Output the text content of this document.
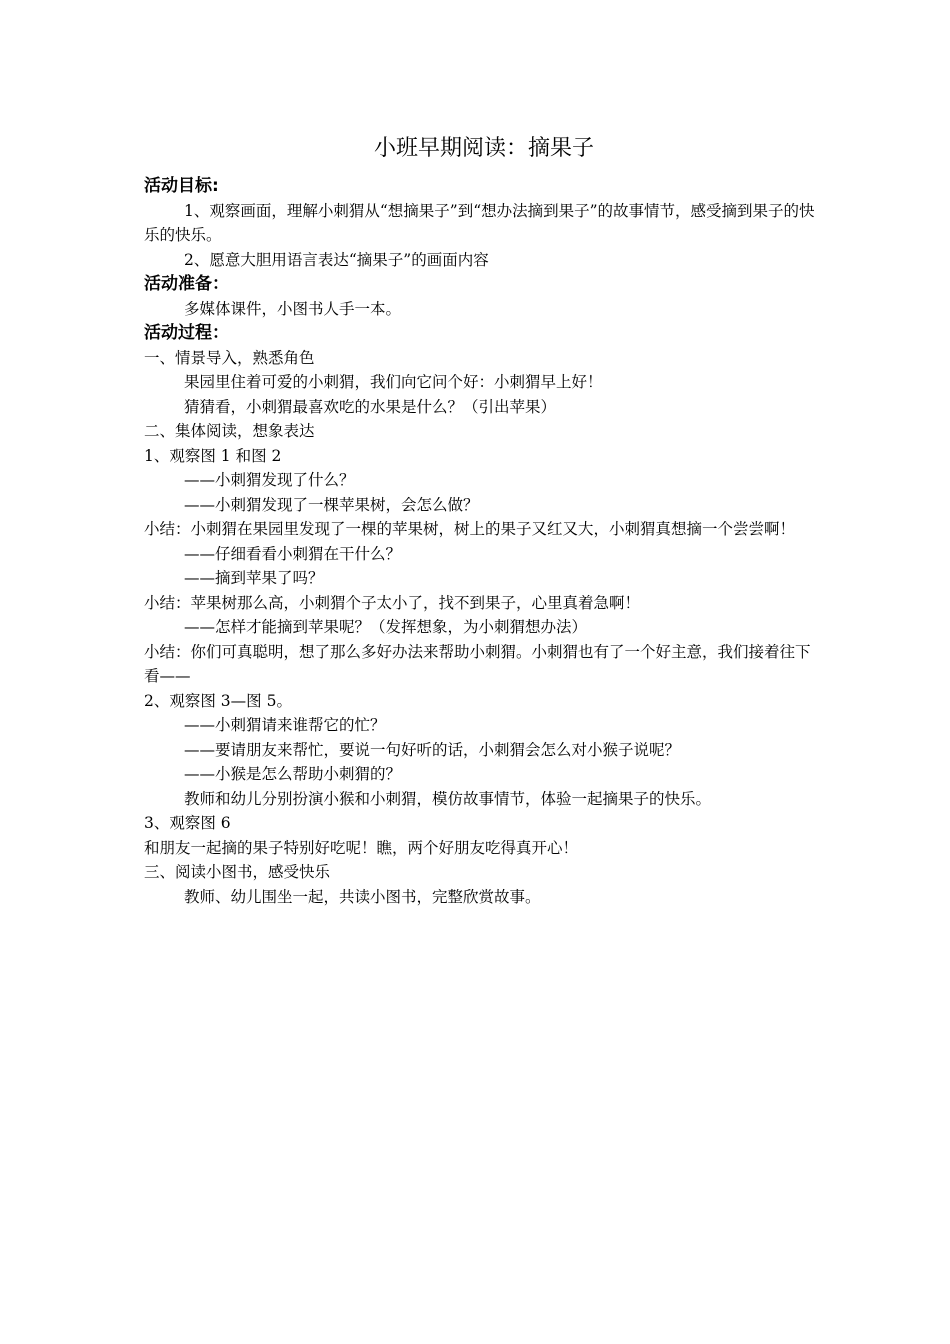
小班早期阅读：摘果子
活动目标:
1、观察画面，理解小刺猬从“想摘果子”到“想办法摘到果子”的故事情节，感受摘到果子的快乐的快乐。
2、愿意大胆用语言表达“摘果子”的画面内容
活动准备：
多媒体课件，小图书人手一本。
活动过程：
一、情景导入，熟悉角色
果园里住着可爱的小刺猬，我们向它问个好：小刺猬早上好！
猜猜看，小刺猬最喜欢吃的水果是什么？（引出苹果）
二、集体阅读，想象表达
1、观察图 1 和图 2
——小刺猬发现了什么？
——小刺猬发现了一棵苹果树，会怎么做？
小结：小刺猬在果园里发现了一棵的苹果树，树上的果子又红又大，小刺猬真想摘一个尝尝啊！
——仔细看看小刺猬在干什么？
——摘到苹果了吗？
小结：苹果树那么高，小刺猬个子太小了，找不到果子，心里真着急啊！
——怎样才能摘到苹果呢？（发挥想象，为小刺猬想办法）
小结：你们可真聪明，想了那么多好办法来帮助小刺猬。小刺猬也有了一个好主意，我们接着往下看——
2、观察图 3—图 5。
——小刺猬请来谁帮它的忙？
——要请朋友来帮忙，要说一句好听的话，小刺猬会怎么对小猴子说呢？
——小猴是怎么帮助小刺猬的？
教师和幼儿分别扮演小猴和小刺猬，模仿故事情节，体验一起摘果子的快乐。
3、观察图 6
和朋友一起摘的果子特别好吃呢！瞧，两个好朋友吃得真开心！
三、阅读小图书，感受快乐
教师、幼儿围坐一起，共读小图书，完整欣赏故事。
